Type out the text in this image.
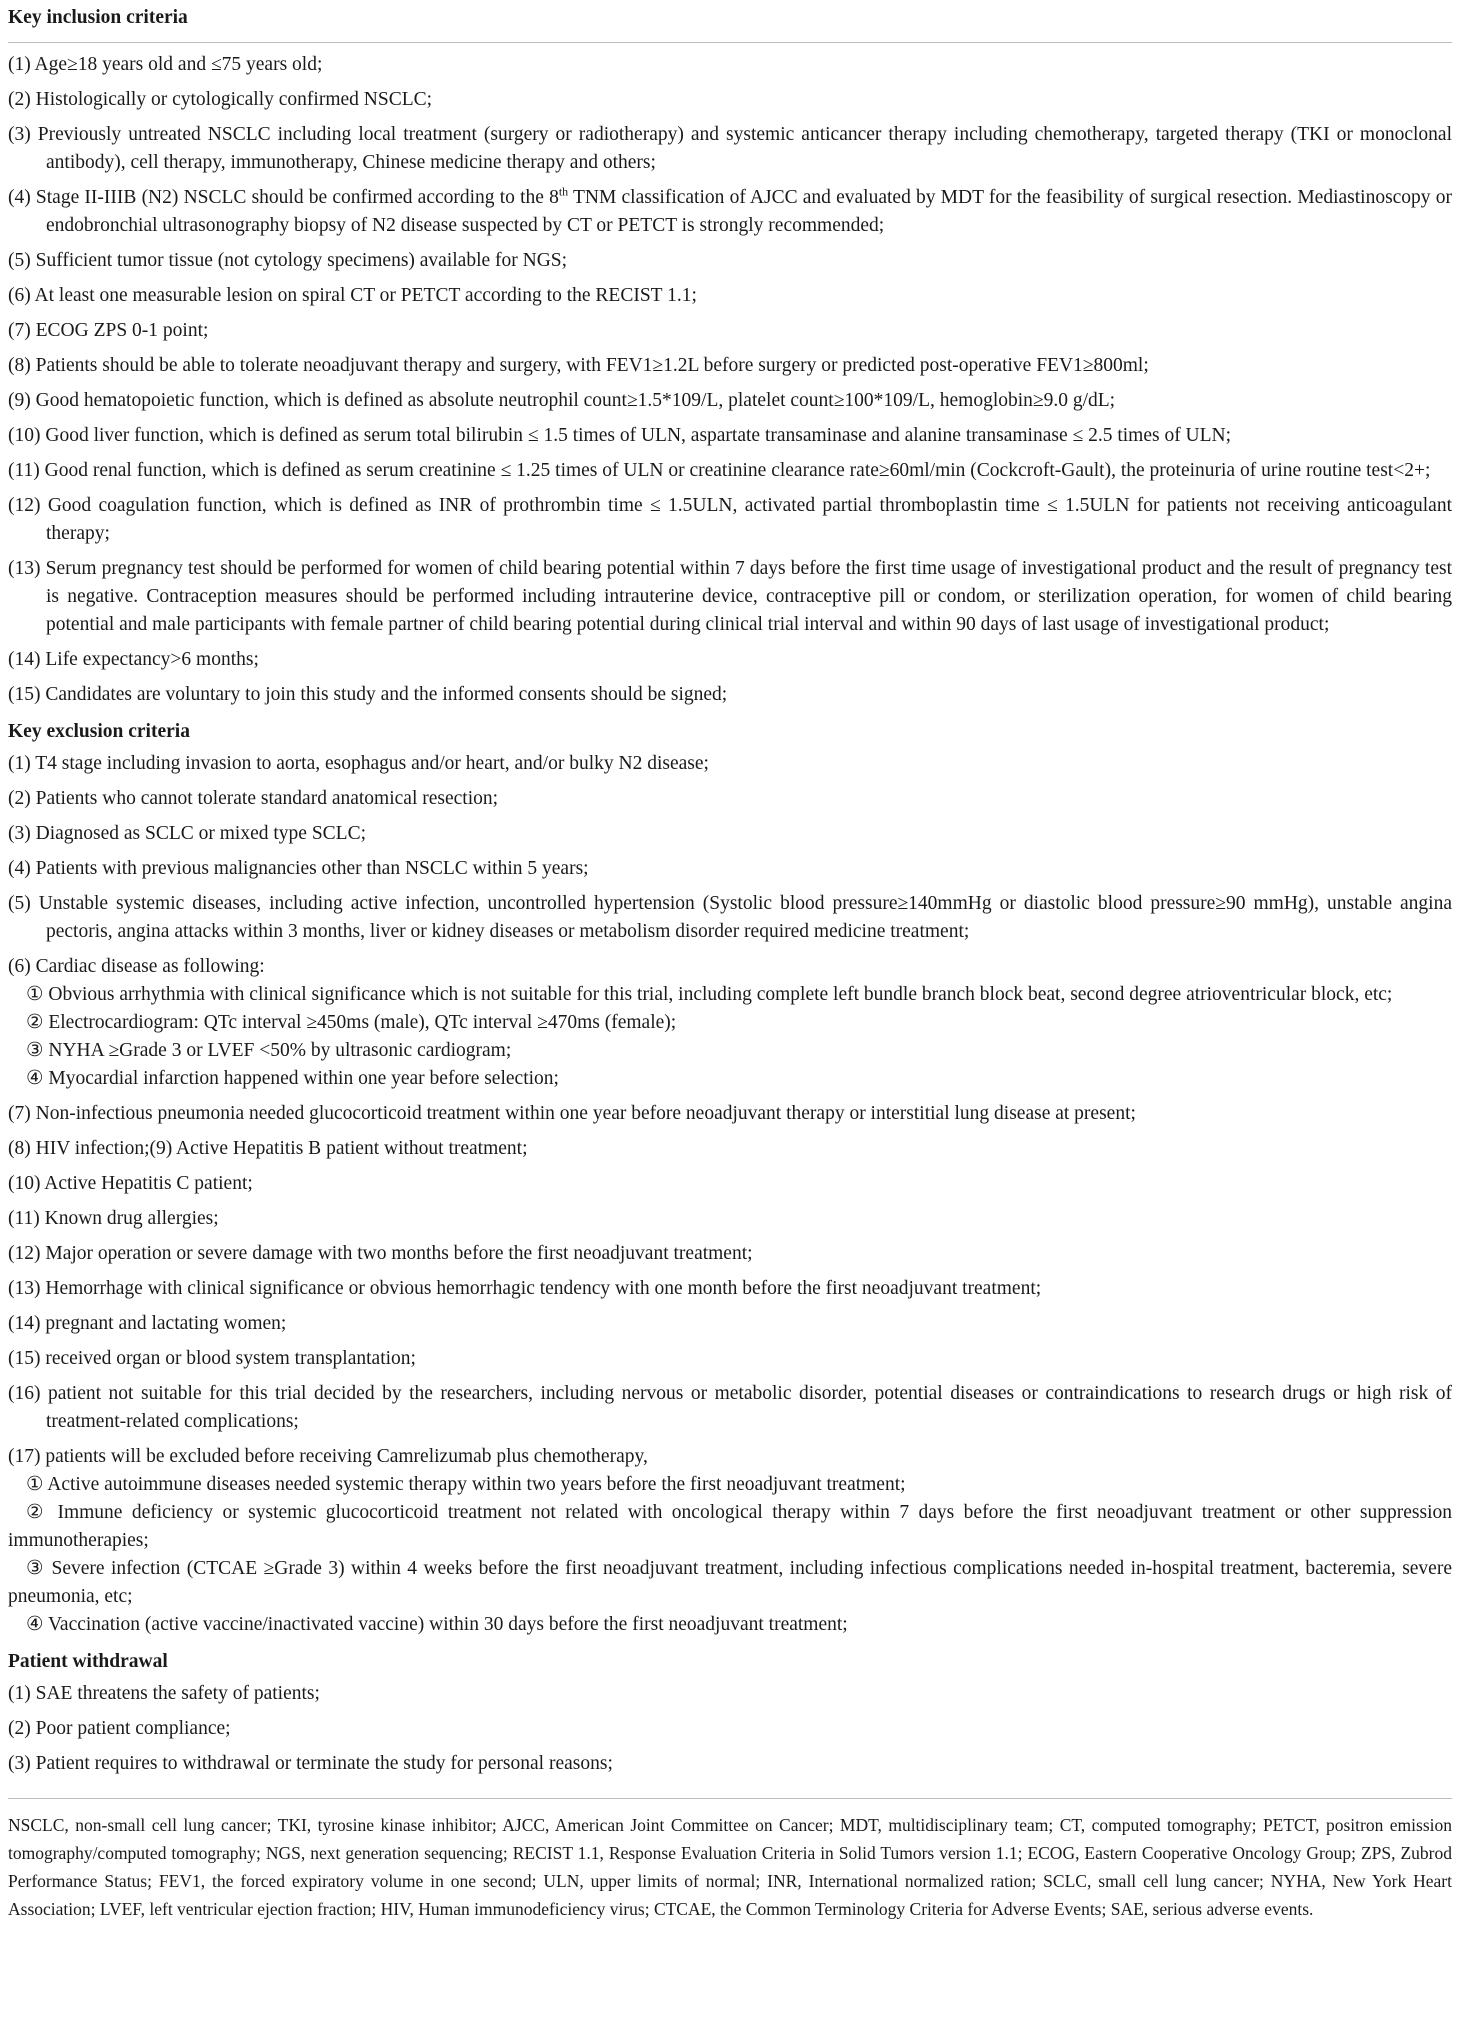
Key inclusion criteria
(1) Age≥18 years old and ≤75 years old;
(2) Histologically or cytologically confirmed NSCLC;
(3) Previously untreated NSCLC including local treatment (surgery or radiotherapy) and systemic anticancer therapy including chemotherapy, targeted therapy (TKI or monoclonal antibody), cell therapy, immunotherapy, Chinese medicine therapy and others;
(4) Stage II-IIIB (N2) NSCLC should be confirmed according to the 8th TNM classification of AJCC and evaluated by MDT for the feasibility of surgical resection. Mediastinoscopy or endobronchial ultrasonography biopsy of N2 disease suspected by CT or PETCT is strongly recommended;
(5) Sufficient tumor tissue (not cytology specimens) available for NGS;
(6) At least one measurable lesion on spiral CT or PETCT according to the RECIST 1.1;
(7) ECOG ZPS 0-1 point;
(8) Patients should be able to tolerate neoadjuvant therapy and surgery, with FEV1≥1.2L before surgery or predicted post-operative FEV1≥800ml;
(9) Good hematopoietic function, which is defined as absolute neutrophil count≥1.5*109/L, platelet count≥100*109/L, hemoglobin≥9.0 g/dL;
(10) Good liver function, which is defined as serum total bilirubin ≤ 1.5 times of ULN, aspartate transaminase and alanine transaminase ≤ 2.5 times of ULN;
(11) Good renal function, which is defined as serum creatinine ≤ 1.25 times of ULN or creatinine clearance rate≥60ml/min (Cockcroft-Gault), the proteinuria of urine routine test<2+;
(12) Good coagulation function, which is defined as INR of prothrombin time ≤ 1.5ULN, activated partial thromboplastin time ≤ 1.5ULN for patients not receiving anticoagulant therapy;
(13) Serum pregnancy test should be performed for women of child bearing potential within 7 days before the first time usage of investigational product and the result of pregnancy test is negative. Contraception measures should be performed including intrauterine device, contraceptive pill or condom, or sterilization operation, for women of child bearing potential and male participants with female partner of child bearing potential during clinical trial interval and within 90 days of last usage of investigational product;
(14) Life expectancy>6 months;
(15) Candidates are voluntary to join this study and the informed consents should be signed;
Key exclusion criteria
(1) T4 stage including invasion to aorta, esophagus and/or heart, and/or bulky N2 disease;
(2) Patients who cannot tolerate standard anatomical resection;
(3) Diagnosed as SCLC or mixed type SCLC;
(4) Patients with previous malignancies other than NSCLC within 5 years;
(5) Unstable systemic diseases, including active infection, uncontrolled hypertension (Systolic blood pressure≥140mmHg or diastolic blood pressure≥90 mmHg), unstable angina pectoris, angina attacks within 3 months, liver or kidney diseases or metabolism disorder required medicine treatment;
(6) Cardiac disease as following:
① Obvious arrhythmia with clinical significance which is not suitable for this trial, including complete left bundle branch block beat, second degree atrioventricular block, etc;
② Electrocardiogram: QTc interval ≥450ms (male), QTc interval ≥470ms (female);
③ NYHA ≥Grade 3 or LVEF <50% by ultrasonic cardiogram;
④ Myocardial infarction happened within one year before selection;
(7) Non-infectious pneumonia needed glucocorticoid treatment within one year before neoadjuvant therapy or interstitial lung disease at present;
(8) HIV infection;(9) Active Hepatitis B patient without treatment;
(10) Active Hepatitis C patient;
(11) Known drug allergies;
(12) Major operation or severe damage with two months before the first neoadjuvant treatment;
(13) Hemorrhage with clinical significance or obvious hemorrhagic tendency with one month before the first neoadjuvant treatment;
(14) pregnant and lactating women;
(15) received organ or blood system transplantation;
(16) patient not suitable for this trial decided by the researchers, including nervous or metabolic disorder, potential diseases or contraindications to research drugs or high risk of treatment-related complications;
(17) patients will be excluded before receiving Camrelizumab plus chemotherapy,
① Active autoimmune diseases needed systemic therapy within two years before the first neoadjuvant treatment;
② Immune deficiency or systemic glucocorticoid treatment not related with oncological therapy within 7 days before the first neoadjuvant treatment or other suppression immunotherapies;
③ Severe infection (CTCAE ≥Grade 3) within 4 weeks before the first neoadjuvant treatment, including infectious complications needed in-hospital treatment, bacteremia, severe pneumonia, etc;
④ Vaccination (active vaccine/inactivated vaccine) within 30 days before the first neoadjuvant treatment;
Patient withdrawal
(1) SAE threatens the safety of patients;
(2) Poor patient compliance;
(3) Patient requires to withdrawal or terminate the study for personal reasons;
NSCLC, non-small cell lung cancer; TKI, tyrosine kinase inhibitor; AJCC, American Joint Committee on Cancer; MDT, multidisciplinary team; CT, computed tomography; PETCT, positron emission tomography/computed tomography; NGS, next generation sequencing; RECIST 1.1, Response Evaluation Criteria in Solid Tumors version 1.1; ECOG, Eastern Cooperative Oncology Group; ZPS, Zubrod Performance Status; FEV1, the forced expiratory volume in one second; ULN, upper limits of normal; INR, International normalized ration; SCLC, small cell lung cancer; NYHA, New York Heart Association; LVEF, left ventricular ejection fraction; HIV, Human immunodeficiency virus; CTCAE, the Common Terminology Criteria for Adverse Events; SAE, serious adverse events.
